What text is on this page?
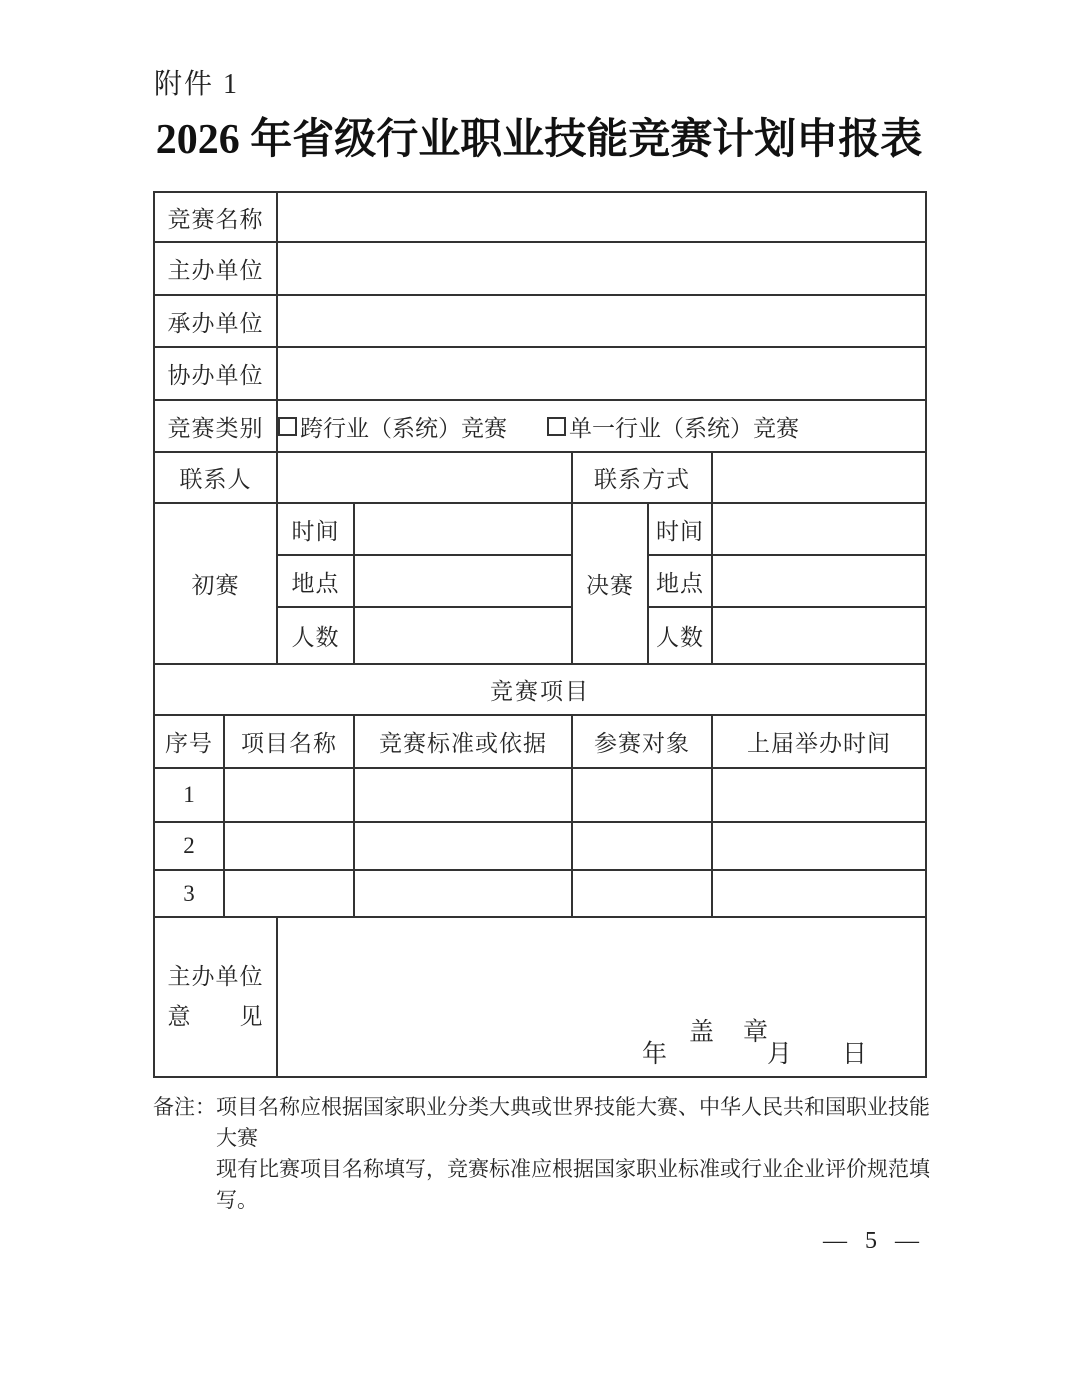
附件 1
2026 年省级行业职业技能竞赛计划申报表
竞赛名称						
主办单位						
承办单位						
协办单位						
竞赛类别		跨行业（系统）竞赛 单一行业（系统）竞赛				

联系人				联系方式		
初赛		时间		决赛	时间	
		地点			地点	
		人数			人数	
竞赛项目						
序号	项目名称		竞赛标准或依据	参赛对象		上届举办时间
1						
2						
3						

主办单位
意　　见

盖　章
年　　　　月　　日
备注： 项目名称应根据国家职业分类大典或世界技能大赛、中华人民共和国职业技能大赛
现有比赛项目名称填写，竞赛标准应根据国家职业标准或行业企业评价规范填写。
— 5 —
